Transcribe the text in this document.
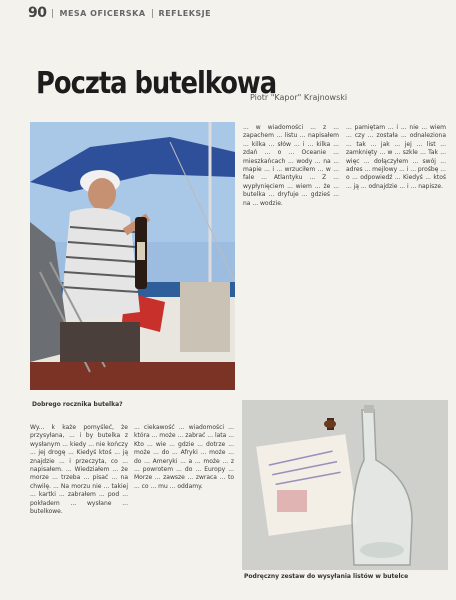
90 MESA OFICERSKA REFLEKSJE
Poczta butelkowa
Piotr "Kapor" Krajnowski
Dobrego rocznika butelka?

... w wiadomości ... z ... zapachem ... listu ... napisałem ... kilka ... słów ... i ... kilka ... zdań ... o ... Oceanie ... mieszkańcach ... wody ... na ... mapie ... i ... wrzuciłem ... w ... fale ... Atlantyku ... Z ... wypłynięciem ... wiem ... że ... butelka ... dryfuje ... gdzieś ... na ... wodzie.

... pamiętam ... i ... nie ... wiem ... czy ... została ... odnaleziona ... tak ... jak ... jej ... list ... zamknięty ... w ... szkle ... Tak ... więc ... dołączyłem ... swój ... adres ... mejlowy ... i ... prośbę ... o ... odpowiedź ... Kiedyś ... ktoś ... ją ... odnajdzie ... i ... napisze.

Wy... k każe pomyśleć, że przysyłana, ... i by butelka z wysłanym ... kiedy ... nie kończy ... jej drogę ... Kiedyś ktoś ... ją znajdzie ... i przeczyta, co ... napisałem. ... Wiedziałem ... że morze ... trzeba ... pisać ... na chwilę. ... Na morzu nie ... takiej ... kartki ... zabrałem ... pod ... pokładem ... wysłane ... butelkowe.

... ciekawość ... wiadomości ... która ... może ... zabrać ... lata ... Kto ... wie ... gdzie ... dotrze ... może ... do ... Afryki ... może ... do ... Ameryki ... a ... może ... z ... powrotem ... do ... Europy ... Morze ... zawsze ... zwraca ... to ... co ... mu ... oddamy.

Podręczny zestaw do wysyłania listów w butelce
